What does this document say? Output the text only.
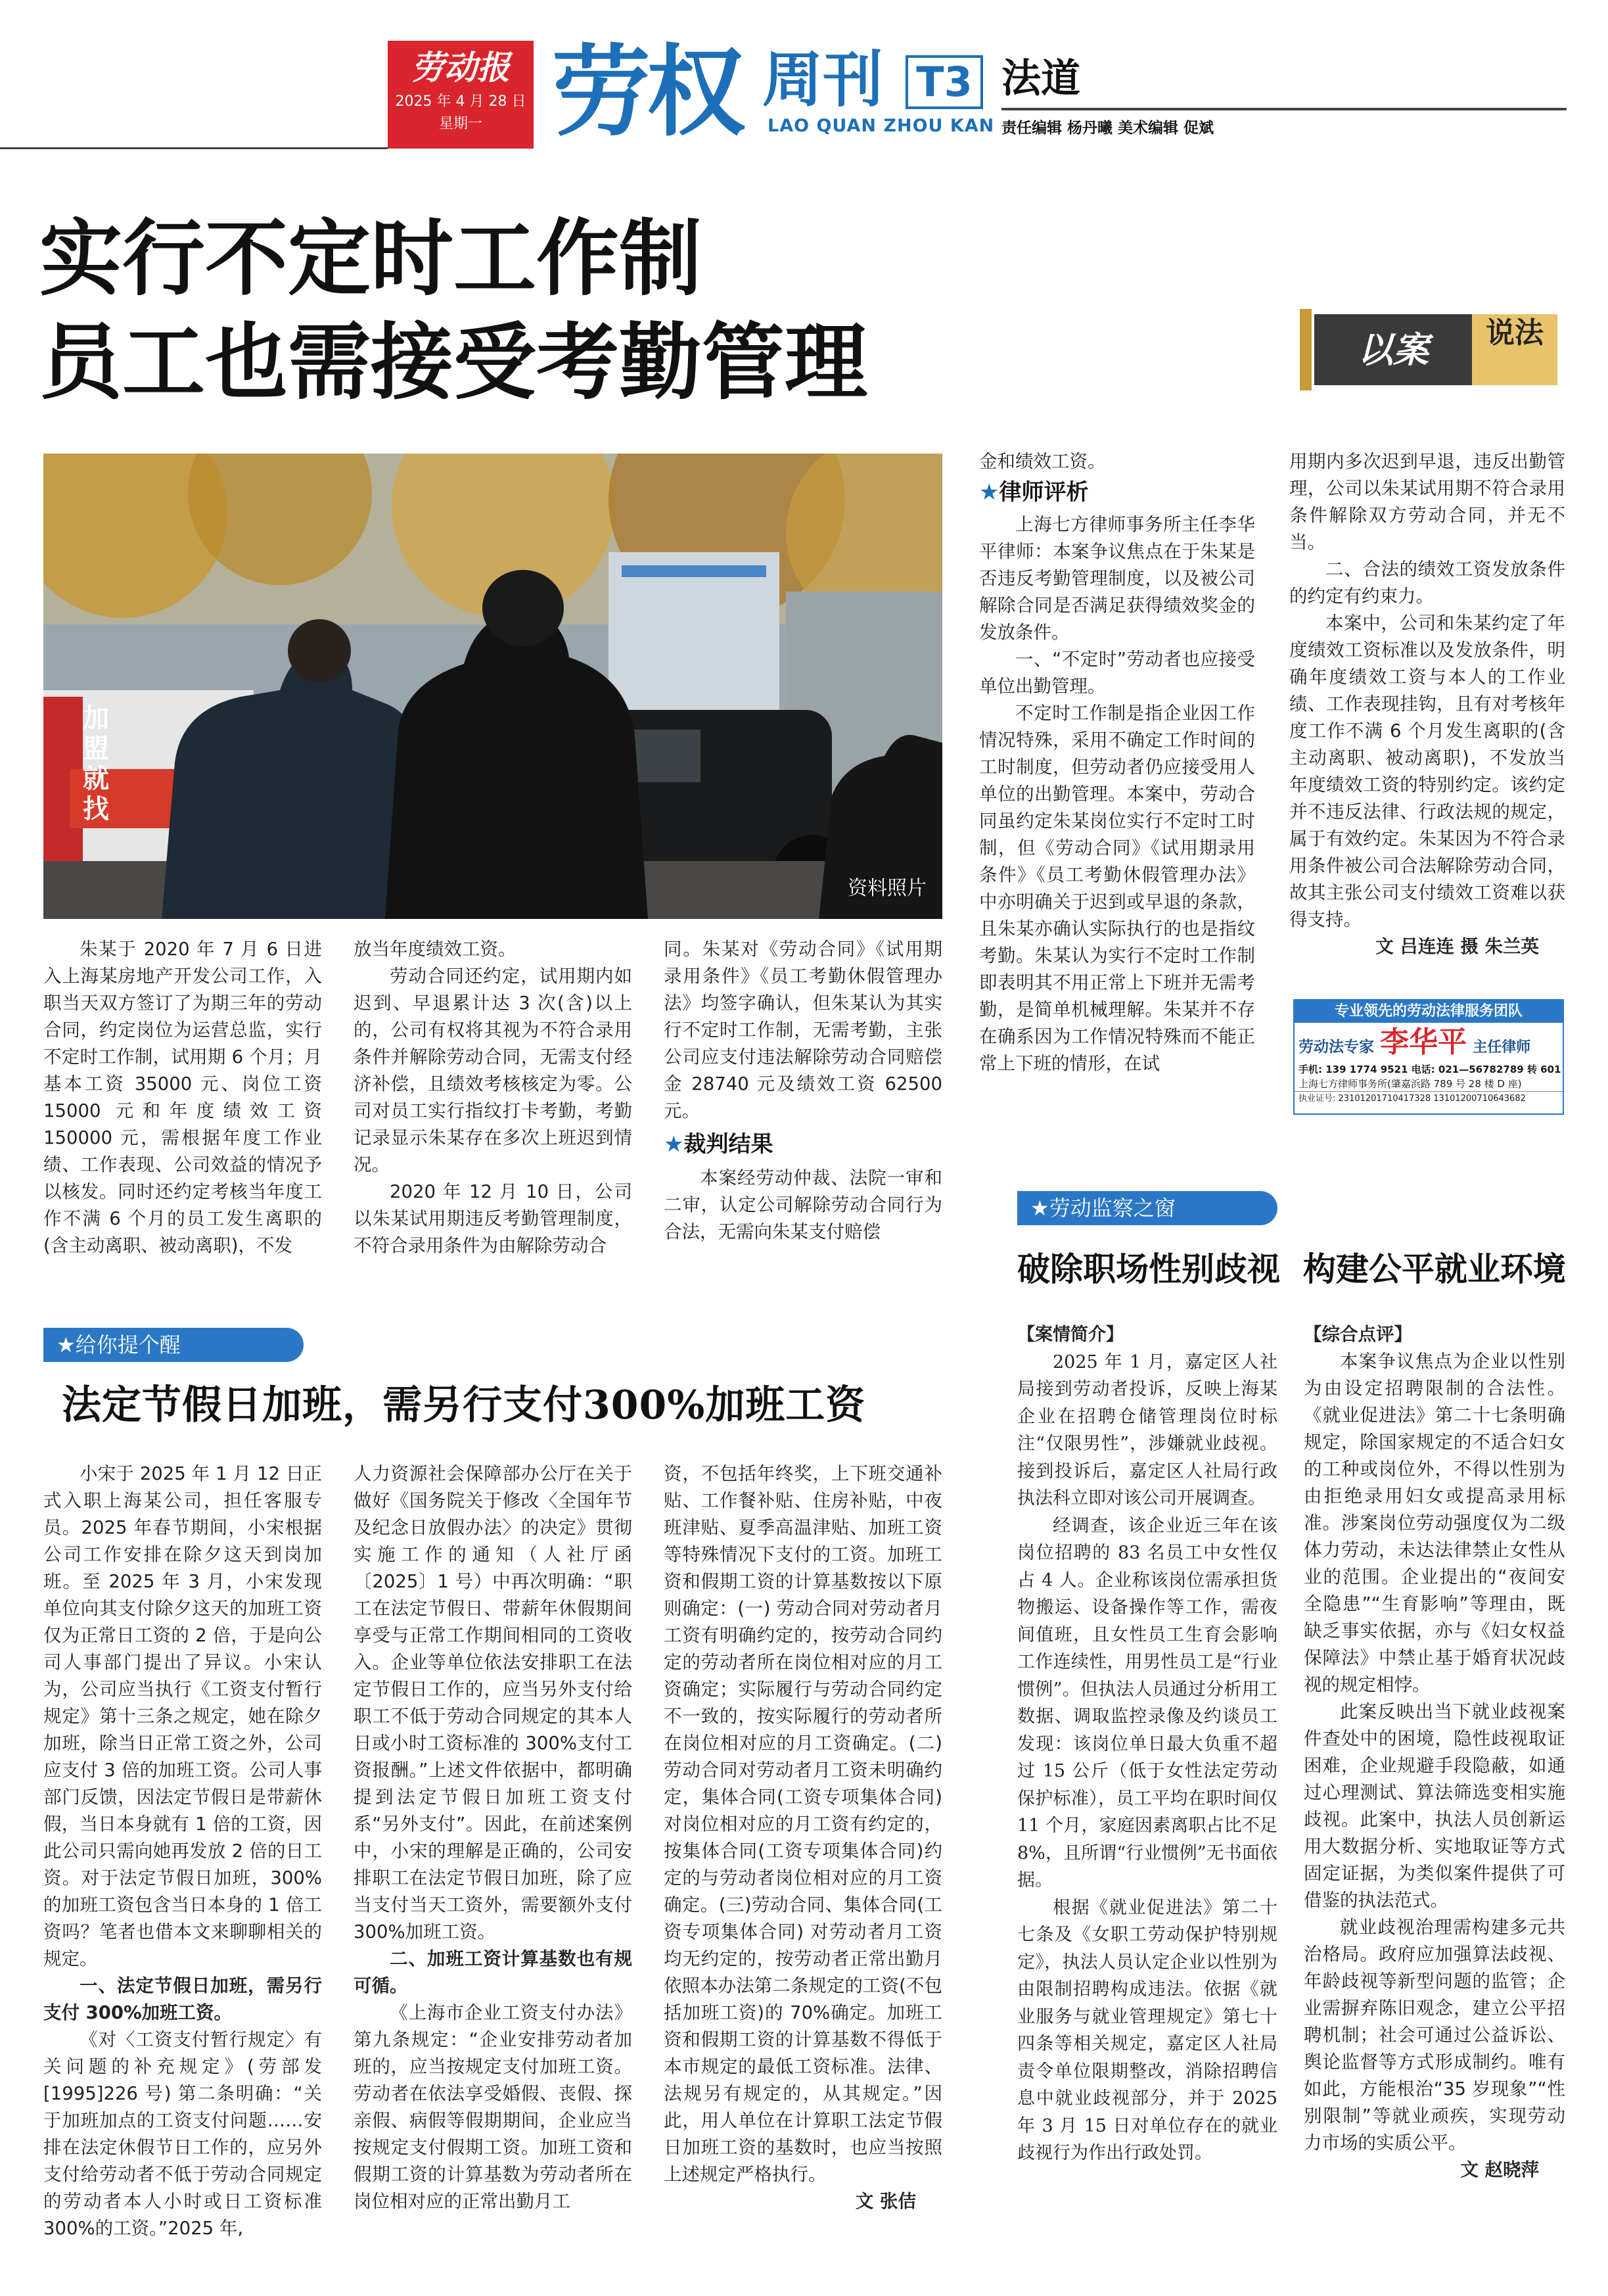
劳动报
2025 年 4 月 28 日
星期一 劳权 周刊 T3
LAO QUAN ZHOU KAN
法道
责任编辑 杨丹曦 美术编辑 促斌
实行不定时工作制
员工也需接受考勤管理	以案	说法
加盟就找
资料照片

朱某于 2020 年 7 月 6 日进入上海某房地产开发公司工作，入职当天双方签订了为期三年的劳动合同，约定岗位为运营总监，实行不定时工作制，试用期 6 个月；月基本工资 35000 元、岗位工资 15000 元和年度绩效工资 150000 元，需根据年度工作业绩、工作表现、公司效益的情况予以核发。同时还约定考核当年度工作不满 6 个月的员工发生离职的(含主动离职、被动离职)，不发

放当年度绩效工资。

劳动合同还约定，试用期内如迟到、早退累计达 3 次(含)以上的，公司有权将其视为不符合录用条件并解除劳动合同，无需支付经济补偿，且绩效考核核定为零。公司对员工实行指纹打卡考勤，考勤记录显示朱某存在多次上班迟到情况。

2020 年 12 月 10 日，公司以朱某试用期违反考勤管理制度，不符合录用条件为由解除劳动合

同。朱某对《劳动合同》《试用期录用条件》《员工考勤休假管理办法》均签字确认，但朱某认为其实行不定时工作制，无需考勤，主张公司应支付违法解除劳动合同赔偿金 28740 元及绩效工资 62500 元。

★裁判结果

本案经劳动仲裁、法院一审和二审，认定公司解除劳动合同行为合法，无需向朱某支付赔偿

金和绩效工资。

★律师评析

上海七方律师事务所主任李华平律师：本案争议焦点在于朱某是否违反考勤管理制度，以及被公司解除合同是否满足获得绩效奖金的发放条件。

一、“不定时”劳动者也应接受单位出勤管理。

不定时工作制是指企业因工作情况特殊，采用不确定工作时间的工时制度，但劳动者仍应接受用人单位的出勤管理。本案中，劳动合同虽约定朱某岗位实行不定时工时制，但《劳动合同》《试用期录用条件》《员工考勤休假管理办法》中亦明确关于迟到或早退的条款，且朱某亦确认实际执行的也是指纹考勤。朱某认为实行不定时工作制即表明其不用正常上下班并无需考勤，是简单机械理解。朱某并不存在确系因为工作情况特殊而不能正常上下班的情形，在试

用期内多次迟到早退，违反出勤管理，公司以朱某试用期不符合录用条件解除双方劳动合同，并无不当。

二、合法的绩效工资发放条件的约定有约束力。

本案中，公司和朱某约定了年度绩效工资标准以及发放条件，明确年度绩效工资与本人的工作业绩、工作表现挂钩，且有对考核年度工作不满 6 个月发生离职的(含主动离职、被动离职)，不发放当年度绩效工资的特别约定。该约定并不违反法律、行政法规的规定，属于有效约定。朱某因为不符合录用条件被公司合法解除劳动合同，故其主张公司支付绩效工资难以获得支持。

文 吕连连 摄 朱兰英

专业领先的劳动法律服务团队
劳动法专家 李华平 主任律师
手机: 139 1774 9521 电话: 021—56782789 转 601
上海七方律师事务所(肇嘉浜路 789 号 28 楼 D 座)
执业证号: 23101201710417328 13101200710643682
★给你提个醒
法定节假日加班，需另行支付300%加班工资

小宋于 2025 年 1 月 12 日正式入职上海某公司，担任客服专员。2025 年春节期间，小宋根据公司工作安排在除夕这天到岗加班。至 2025 年 3 月，小宋发现单位向其支付除夕这天的加班工资仅为正常日工资的 2 倍，于是向公司人事部门提出了异议。小宋认为，公司应当执行《工资支付暂行规定》第十三条之规定，她在除夕加班，除当日正常工资之外，公司应支付 3 倍的加班工资。公司人事部门反馈，因法定节假日是带薪休假，当日本身就有 1 倍的工资，因此公司只需向她再发放 2 倍的日工资。对于法定节假日加班，300%的加班工资包含当日本身的 1 倍工资吗？笔者也借本文来聊聊相关的规定。

一、法定节假日加班，需另行支付 300%加班工资。

《对〈工资支付暂行规定〉有关问题的补充规定》(劳部发[1995]226 号) 第二条明确：“关于加班加点的工资支付问题……安排在法定休假节日工作的，应另外支付给劳动者不低于劳动合同规定的劳动者本人小时或日工资标准 300%的工资。”2025 年,

人力资源社会保障部办公厅在关于做好《国务院关于修改〈全国年节及纪念日放假办法〉的决定》贯彻实施工作的通知（人社厅函〔2025〕1 号）中再次明确：“职工在法定节假日、带薪年休假期间享受与正常工作期间相同的工资收入。企业等单位依法安排职工在法定节假日工作的，应当另外支付给职工不低于劳动合同规定的其本人日或小时工资标准的 300%支付工资报酬。”上述文件依据中，都明确提到法定节假日加班工资支付系“另外支付”。因此，在前述案例中，小宋的理解是正确的，公司安排职工在法定节假日加班，除了应当支付当天工资外，需要额外支付 300%加班工资。

二、加班工资计算基数也有规可循。

《上海市企业工资支付办法》第九条规定：“企业安排劳动者加班的，应当按规定支付加班工资。劳动者在依法享受婚假、丧假、探亲假、病假等假期期间，企业应当按规定支付假期工资。加班工资和假期工资的计算基数为劳动者所在岗位相对应的正常出勤月工

资，不包括年终奖，上下班交通补贴、工作餐补贴、住房补贴，中夜班津贴、夏季高温津贴、加班工资等特殊情况下支付的工资。加班工资和假期工资的计算基数按以下原则确定：(一) 劳动合同对劳动者月工资有明确约定的，按劳动合同约定的劳动者所在岗位相对应的月工资确定；实际履行与劳动合同约定不一致的，按实际履行的劳动者所在岗位相对应的月工资确定。(二)劳动合同对劳动者月工资未明确约定，集体合同(工资专项集体合同)对岗位相对应的月工资有约定的，按集体合同(工资专项集体合同)约定的与劳动者岗位相对应的月工资确定。(三)劳动合同、集体合同(工资专项集体合同) 对劳动者月工资均无约定的，按劳动者正常出勤月依照本办法第二条规定的工资(不包括加班工资)的 70%确定。加班工资和假期工资的计算基数不得低于本市规定的最低工资标准。法律、法规另有规定的，从其规定。”因此，用人单位在计算职工法定节假日加班工资的基数时，也应当按照上述规定严格执行。

文 张佶

★劳动监察之窗
破除职场性别歧视  构建公平就业环境

【案情简介】

2025 年 1 月，嘉定区人社局接到劳动者投诉，反映上海某企业在招聘仓储管理岗位时标注“仅限男性”，涉嫌就业歧视。接到投诉后，嘉定区人社局行政执法科立即对该公司开展调查。

经调查，该企业近三年在该岗位招聘的 83 名员工中女性仅占 4 人。企业称该岗位需承担货物搬运、设备操作等工作，需夜间值班，且女性员工生育会影响工作连续性，用男性员工是“行业惯例”。但执法人员通过分析用工数据、调取监控录像及约谈员工发现：该岗位单日最大负重不超过 15 公斤（低于女性法定劳动保护标准），员工平均在职时间仅 11 个月，家庭因素离职占比不足 8%，且所谓“行业惯例”无书面依据。

根据《就业促进法》第二十七条及《女职工劳动保护特别规定》，执法人员认定企业以性别为由限制招聘构成违法。依据《就业服务与就业管理规定》第七十四条等相关规定，嘉定区人社局责令单位限期整改，消除招聘信息中就业歧视部分，并于 2025 年 3 月 15 日对单位存在的就业歧视行为作出行政处罚。

【综合点评】

本案争议焦点为企业以性别为由设定招聘限制的合法性。《就业促进法》第二十七条明确规定，除国家规定的不适合妇女的工种或岗位外，不得以性别为由拒绝录用妇女或提高录用标准。涉案岗位劳动强度仅为二级体力劳动，未达法律禁止女性从业的范围。企业提出的“夜间安全隐患”“生育影响”等理由，既缺乏事实依据，亦与《妇女权益保障法》中禁止基于婚育状况歧视的规定相悖。

此案反映出当下就业歧视案件查处中的困境，隐性歧视取证困难，企业规避手段隐蔽，如通过心理测试、算法筛选变相实施歧视。此案中，执法人员创新运用大数据分析、实地取证等方式固定证据，为类似案件提供了可借鉴的执法范式。

就业歧视治理需构建多元共治格局。政府应加强算法歧视、年龄歧视等新型问题的监管；企业需摒弃陈旧观念，建立公平招聘机制；社会可通过公益诉讼、舆论监督等方式形成制约。唯有如此，方能根治“35 岁现象”“性别限制”等就业顽疾，实现劳动力市场的实质公平。

文 赵晓萍
